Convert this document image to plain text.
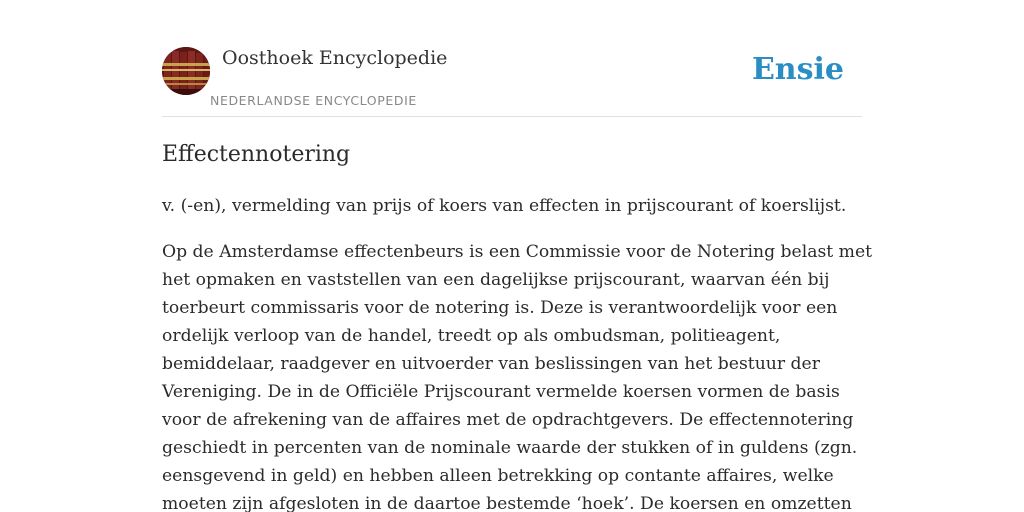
Oosthoek Encyclopedie
NEDERLANDSE ENCYCLOPEDIE
Ensie
Effectennotering

v. (-en), vermelding van prijs of koers van effecten in prijscourant of koerslijst.

Op de Amsterdamse effectenbeurs is een Commissie voor de Notering belast met
het opmaken en vaststellen van een dagelijkse prijscourant, waarvan één bij
toerbeurt commissaris voor de notering is. Deze is verantwoordelijk voor een
ordelijk verloop van de handel, treedt op als ombudsman, politieagent,
bemiddelaar, raadgever en uitvoerder van beslissingen van het bestuur der
Vereniging. De in de Officiële Prijscourant vermelde koersen vormen de basis
voor de afrekening van de affaires met de opdrachtgevers. De effectennotering
geschiedt in percenten van de nominale waarde der stukken of in guldens (zgn.
eensgevend in geld) en hebben alleen betrekking op contante affaires, welke
moeten zijn afgesloten in de daartoe bestemde ‘hoek’. De koersen en omzetten
